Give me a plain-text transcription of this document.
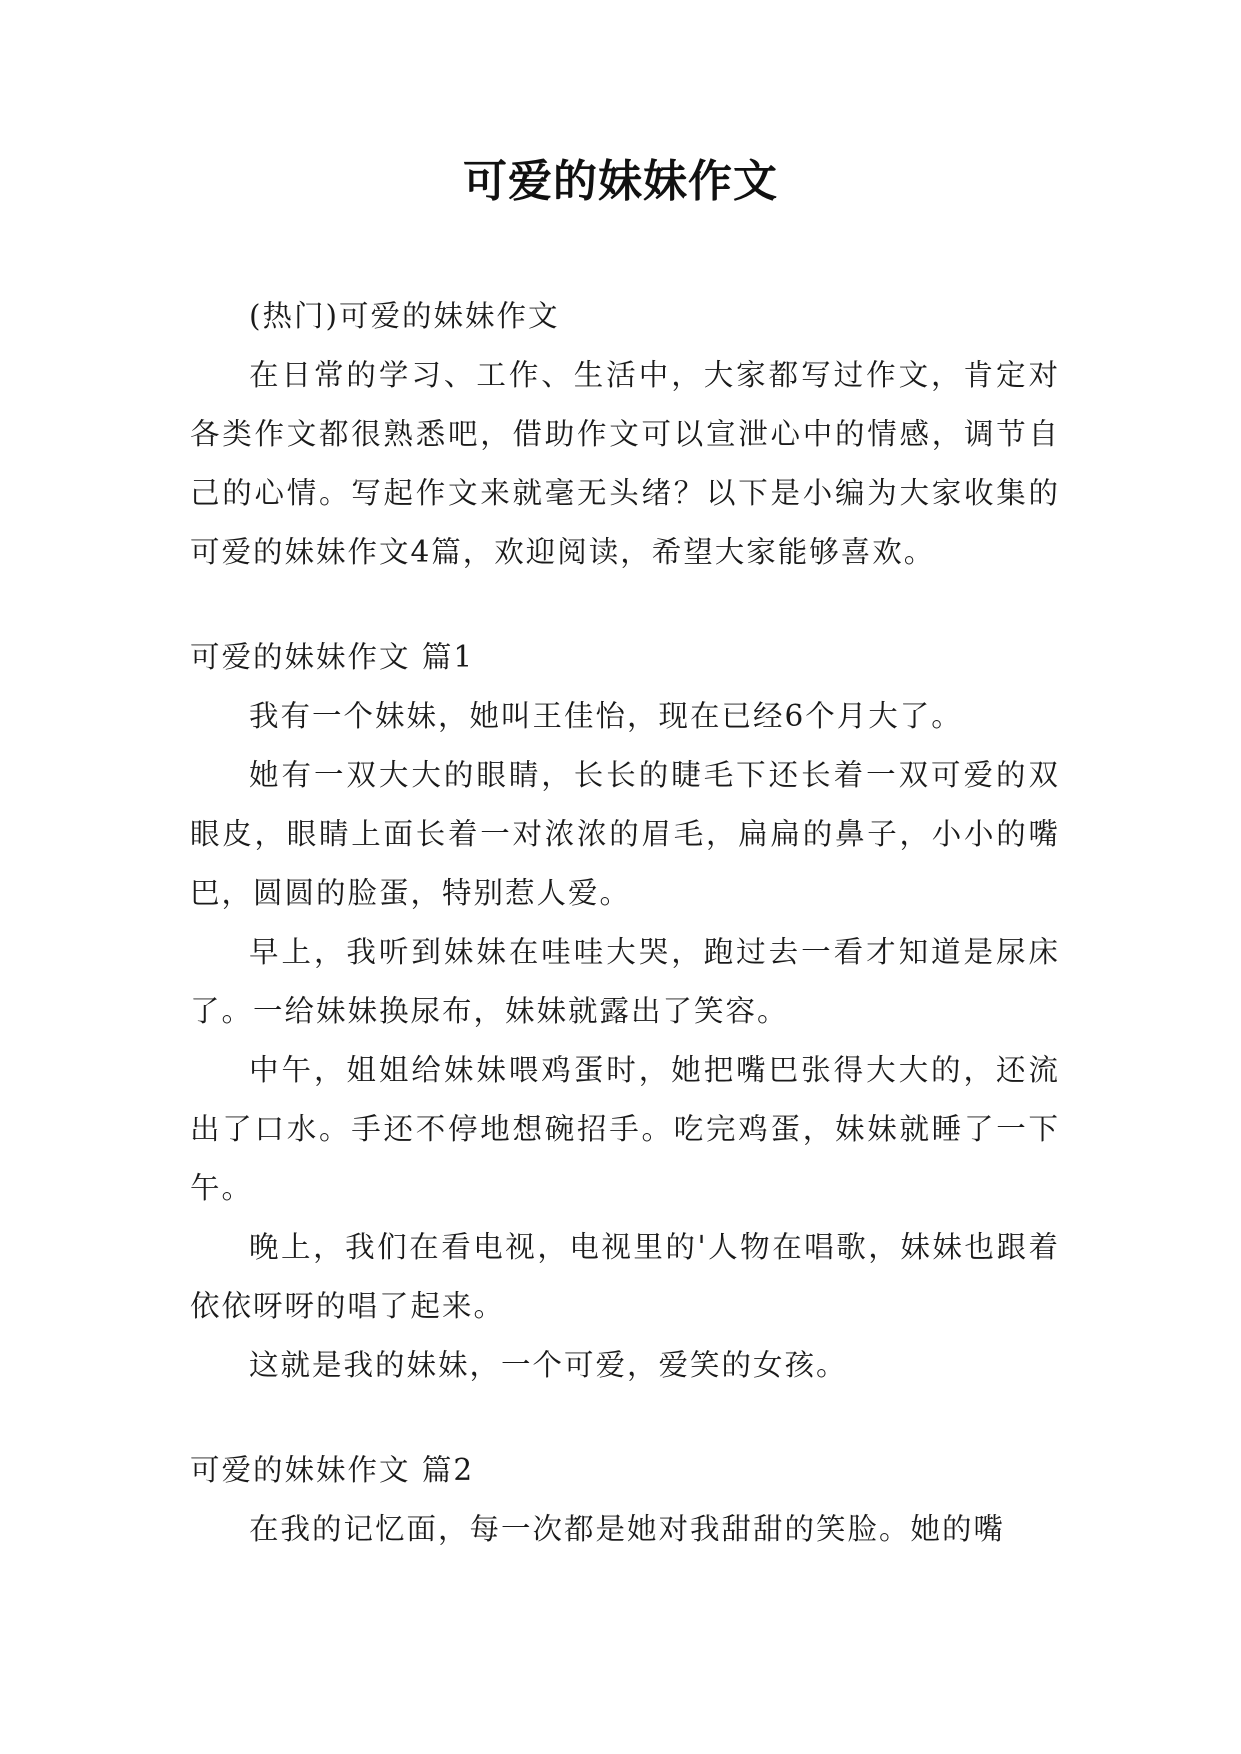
可爱的妹妹作文

(热门)可爱的妹妹作文

在日常的学习、工作、生活中，大家都写过作文，肯定对各类作文都很熟悉吧，借助作文可以宣泄心中的情感，调节自己的心情。写起作文来就毫无头绪？以下是小编为大家收集的可爱的妹妹作文4篇，欢迎阅读，希望大家能够喜欢。

可爱的妹妹作文 篇1

我有一个妹妹，她叫王佳怡，现在已经6个月大了。

她有一双大大的眼睛，长长的睫毛下还长着一双可爱的双眼皮，眼睛上面长着一对浓浓的眉毛，扁扁的鼻子，小小的嘴巴，圆圆的脸蛋，特别惹人爱。

早上，我听到妹妹在哇哇大哭，跑过去一看才知道是尿床了。一给妹妹换尿布，妹妹就露出了笑容。

中午，姐姐给妹妹喂鸡蛋时，她把嘴巴张得大大的，还流出了口水。手还不停地想碗招手。吃完鸡蛋，妹妹就睡了一下午。

晚上，我们在看电视，电视里的'人物在唱歌，妹妹也跟着依依呀呀的唱了起来。

这就是我的妹妹，一个可爱，爱笑的女孩。

可爱的妹妹作文 篇2

在我的记忆面，每一次都是她对我甜甜的笑脸。她的嘴
